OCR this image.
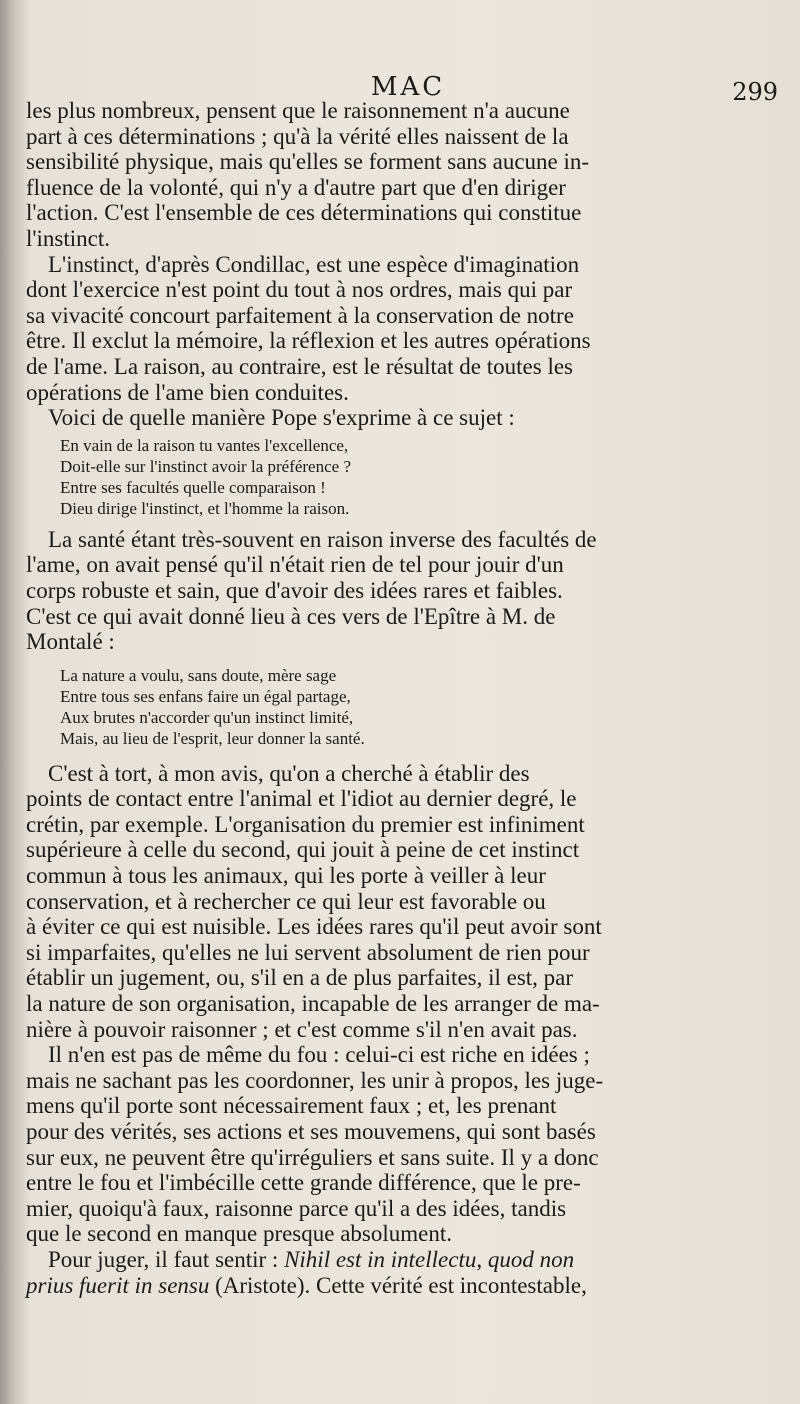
MAC	299

les plus nombreux, pensent que le raisonnement n'a aucune
part à ces déterminations ; qu'à la vérité elles naissent de la
sensibilité physique, mais qu'elles se forment sans aucune in-
fluence de la volonté, qui n'y a d'autre part que d'en diriger
l'action. C'est l'ensemble de ces déterminations qui constitue
l'instinct.

L'instinct, d'après Condillac, est une espèce d'imagination
dont l'exercice n'est point du tout à nos ordres, mais qui par
sa vivacité concourt parfaitement à la conservation de notre
être. Il exclut la mémoire, la réflexion et les autres opérations
de l'ame. La raison, au contraire, est le résultat de toutes les
opérations de l'ame bien conduites.
Voici de quelle manière Pope s'exprime à ce sujet :

En vain de la raison tu vantes l'excellence,
Doit-elle sur l'instinct avoir la préférence ?
Entre ses facultés quelle comparaison !
Dieu dirige l'instinct, et l'homme la raison.

La santé étant très-souvent en raison inverse des facultés de
l'ame, on avait pensé qu'il n'était rien de tel pour jouir d'un
corps robuste et sain, que d'avoir des idées rares et faibles.
C'est ce qui avait donné lieu à ces vers de l'Epître à M. de
Montalé :

La nature a voulu, sans doute, mère sage
Entre tous ses enfans faire un égal partage,
Aux brutes n'accorder qu'un instinct limité,
Mais, au lieu de l'esprit, leur donner la santé.

C'est à tort, à mon avis, qu'on a cherché à établir des
points de contact entre l'animal et l'idiot au dernier degré, le
crétin, par exemple. L'organisation du premier est infiniment
supérieure à celle du second, qui jouit à peine de cet instinct
commun à tous les animaux, qui les porte à veiller à leur
conservation, et à rechercher ce qui leur est favorable ou
à éviter ce qui est nuisible. Les idées rares qu'il peut avoir sont
si imparfaites, qu'elles ne lui servent absolument de rien pour
établir un jugement, ou, s'il en a de plus parfaites, il est, par
la nature de son organisation, incapable de les arranger de ma-
nière à pouvoir raisonner ; et c'est comme s'il n'en avait pas.

Il n'en est pas de même du fou : celui-ci est riche en idées ;
mais ne sachant pas les coordonner, les unir à propos, les juge-
mens qu'il porte sont nécessairement faux ; et, les prenant
pour des vérités, ses actions et ses mouvemens, qui sont basés
sur eux, ne peuvent être qu'irréguliers et sans suite. Il y a donc
entre le fou et l'imbécille cette grande différence, que le pre-
mier, quoiqu'à faux, raisonne parce qu'il a des idées, tandis
que le second en manque presque absolument.

Pour juger, il faut sentir : Nihil est in intellectu, quod non
prius fuerit in sensu (Aristote). Cette vérité est incontestable,
